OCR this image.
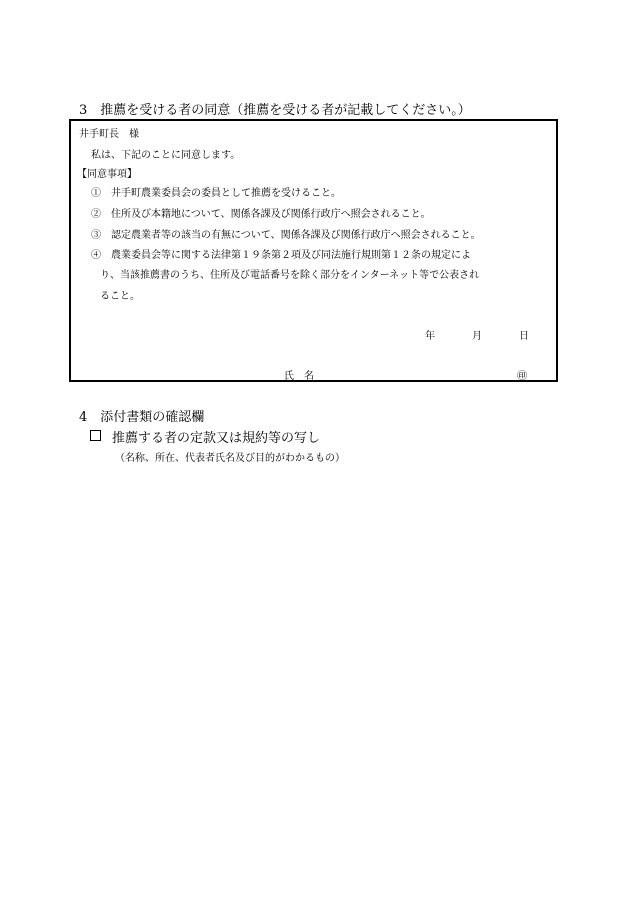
3　推薦を受ける者の同意（推薦を受ける者が記載してください。）
井手町長　様
私は、下記のことに同意します。
【同意事項】
①　井手町農業委員会の委員として推薦を受けること。
②　住所及び本籍地について、関係各課及び関係行政庁へ照会されること。
③　認定農業者等の該当の有無について、関係各課及び関係行政庁へ照会されること。
④　農業委員会等に関する法律第１９条第２項及び同法施行規則第１２条の規定によ
り、当該推薦書のうち、住所及び電話番号を除く部分をインターネット等で公表され
ること。
年	月	日
氏　名	㊞
4　添付書類の確認欄
推薦する者の定款又は規約等の写し
（名称、所在、代表者氏名及び目的がわかるもの）
